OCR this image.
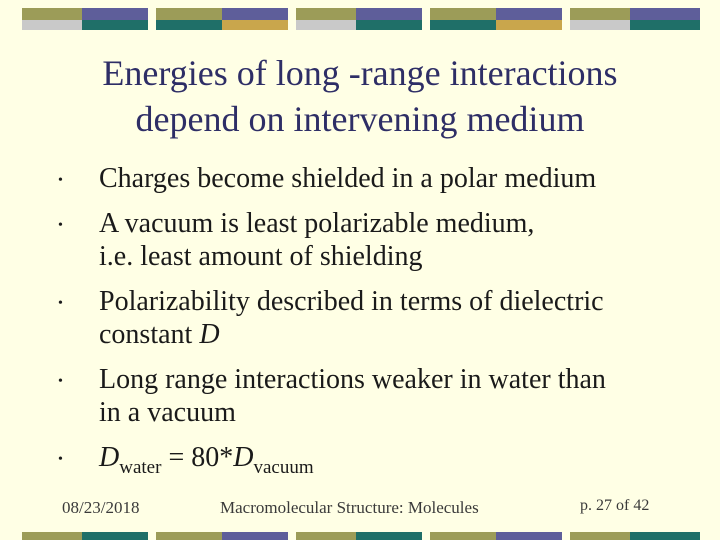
Energies of long -range interactions
depend on intervening medium
• Charges become shielded in a polar medium
• A vacuum is least polarizable medium,
i.e. least amount of shielding
• Polarizability described in terms of dielectric
constant D
• Long range interactions weaker in water than
in a vacuum
• $D_{water} = 80*D_{vacuum}$
08/23/2018	Macromolecular Structure: Molecules	p. 27 of 42
